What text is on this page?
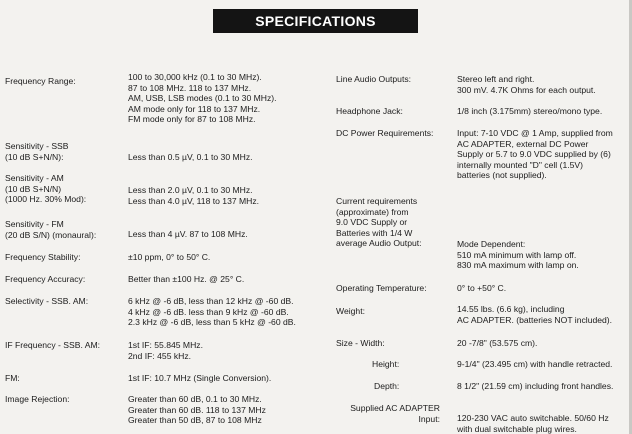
SPECIFICATIONS
Frequency Range:	100 to 30,000 kHz (0.1 to 30 MHz).
87 to 108 MHz. 118 to 137 MHz.
AM, USB, LSB modes (0.1 to 30 MHz).
AM mode only for 118 to 137 MHz.
FM mode only for 87 to 108 MHz.
Sensitivity - SSB
(10 dB S+N/N):	Less than 0.5 µV, 0.1 to 30 MHz.
Sensitivity - AM
(10 dB S+N/N)
(1000 Hz. 30% Mod):
Less than 2.0 µV, 0.1 to 30 MHz.
Less than 4.0 µV, 118 to 137 MHz.
Sensitivity - FM
(20 dB S/N) (monaural):	Less than 4 µV. 87 to 108 MHz.
Frequency Stability:	±10 ppm, 0° to 50° C.
Frequency Accuracy:	Better than ±100 Hz. @ 25° C.
Selectivity - SSB. AM:	6 kHz @ -6 dB, less than 12 kHz @ -60 dB.
4 kHz @ -6 dB. less than 9 kHz @ -60 dB.
2.3 kHz @ -6 dB, less than 5 kHz @ -60 dB.
IF Frequency - SSB. AM:	1st IF: 55.845 MHz.
2nd IF: 455 kHz.
FM:	1st IF: 10.7 MHz (Single Conversion).
Image Rejection:	Greater than 60 dB, 0.1 to 30 MHz.
Greater than 60 dB. 118 to 137 MHz
Greater than 50 dB, 87 to 108 MHz
Line Audio Outputs:	Stereo left and right.
300 mV. 4.7K Ohms for each output.
Headphone Jack:	1/8 inch (3.175mm) stereo/mono type.
DC Power Requirements:	Input: 7-10 VDC @ 1 Amp, supplied from
AC ADAPTER, external DC Power
Supply or 5.7 to 9.0 VDC supplied by (6)
internally mounted "D" cell (1.5V)
batteries (not supplied).
Current requirements
(approximate) from
9.0 VDC Supply or
Batteries with 1/4 W
average Audio Output:	Mode Dependent:
510 mA minimum with lamp off.
830 mA maximum with lamp on.
Operating Temperature:	0° to +50° C.
Weight:	14.55 lbs. (6.6 kg), including
AC ADAPTER. (batteries NOT included).
Size - Width:	20 -7/8" (53.575 cm).
Height:	9-1/4" (23.495 cm) with handle retracted.
Depth:	8 1/2" (21.59 cm) including front handles.
Supplied AC ADAPTER
Input: 120-230 VAC auto switchable. 50/60 Hz
with dual switchable plug wires.
